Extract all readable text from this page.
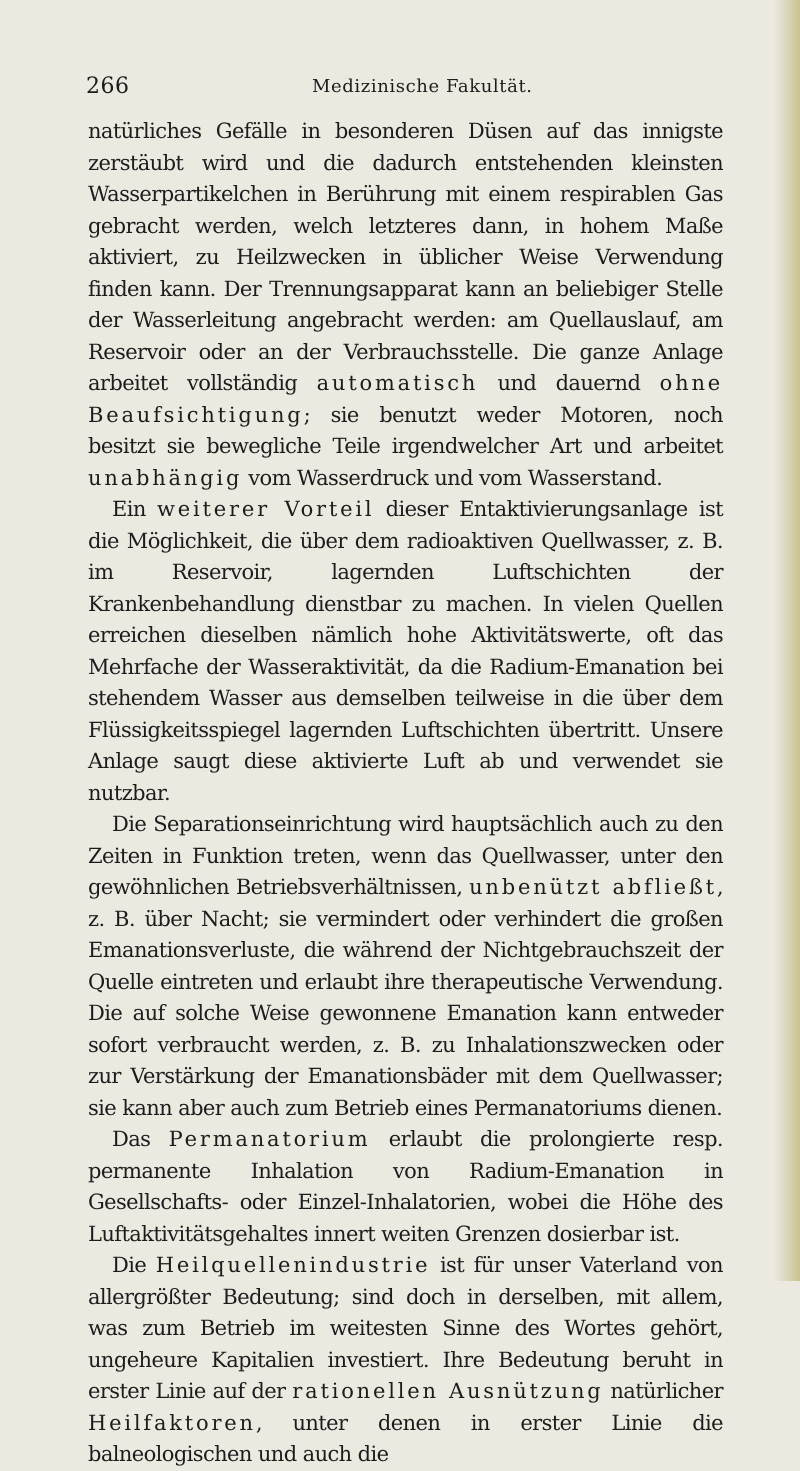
266	Medizinische Fakultät.

natürliches Gefälle in besonderen Düsen auf das innigste zerstäubt wird und die dadurch entstehenden kleinsten Wasserpartikelchen in Berührung mit einem respirablen Gas gebracht werden, welch letzteres dann, in hohem Maße aktiviert, zu Heilzwecken in üblicher Weise Verwendung finden kann. Der Trennungsapparat kann an beliebiger Stelle der Wasserleitung angebracht werden: am Quellauslauf, am Reservoir oder an der Verbrauchsstelle. Die ganze Anlage arbeitet vollständig automatisch und dauernd ohne Beaufsichtigung; sie benutzt weder Motoren, noch besitzt sie bewegliche Teile irgendwelcher Art und arbeitet unabhängig vom Wasserdruck und vom Wasserstand.

Ein weiterer Vorteil dieser Entaktivierungsanlage ist die Möglichkeit, die über dem radioaktiven Quellwasser, z. B. im Reservoir, lagernden Luftschichten der Krankenbehandlung dienstbar zu machen. In vielen Quellen erreichen dieselben nämlich hohe Aktivitätswerte, oft das Mehrfache der Wasseraktivität, da die Radium-Emanation bei stehendem Wasser aus demselben teilweise in die über dem Flüssigkeitsspiegel lagernden Luftschichten übertritt. Unsere Anlage saugt diese aktivierte Luft ab und verwendet sie nutzbar.

Die Separationseinrichtung wird hauptsächlich auch zu den Zeiten in Funktion treten, wenn das Quellwasser, unter den gewöhnlichen Betriebsverhältnissen, unbenützt abfließt, z. B. über Nacht; sie vermindert oder verhindert die großen Emanationsverluste, die während der Nichtgebrauchszeit der Quelle eintreten und erlaubt ihre therapeutische Verwendung. Die auf solche Weise gewonnene Emanation kann entweder sofort verbraucht werden, z. B. zu Inhalationszwecken oder zur Verstärkung der Emanationsbäder mit dem Quellwasser; sie kann aber auch zum Betrieb eines Permanatoriums dienen.

Das Permanatorium erlaubt die prolongierte resp. permanente Inhalation von Radium-Emanation in Gesellschafts- oder Einzel-Inhalatorien, wobei die Höhe des Luftaktivitätsgehaltes innert weiten Grenzen dosierbar ist.

Die Heilquellenindustrie ist für unser Vaterland von allergrößter Bedeutung; sind doch in derselben, mit allem, was zum Betrieb im weitesten Sinne des Wortes gehört, ungeheure Kapitalien investiert. Ihre Bedeutung beruht in erster Linie auf der rationellen Ausnützung natürlicher Heilfaktoren, unter denen in erster Linie die balneologischen und auch die
